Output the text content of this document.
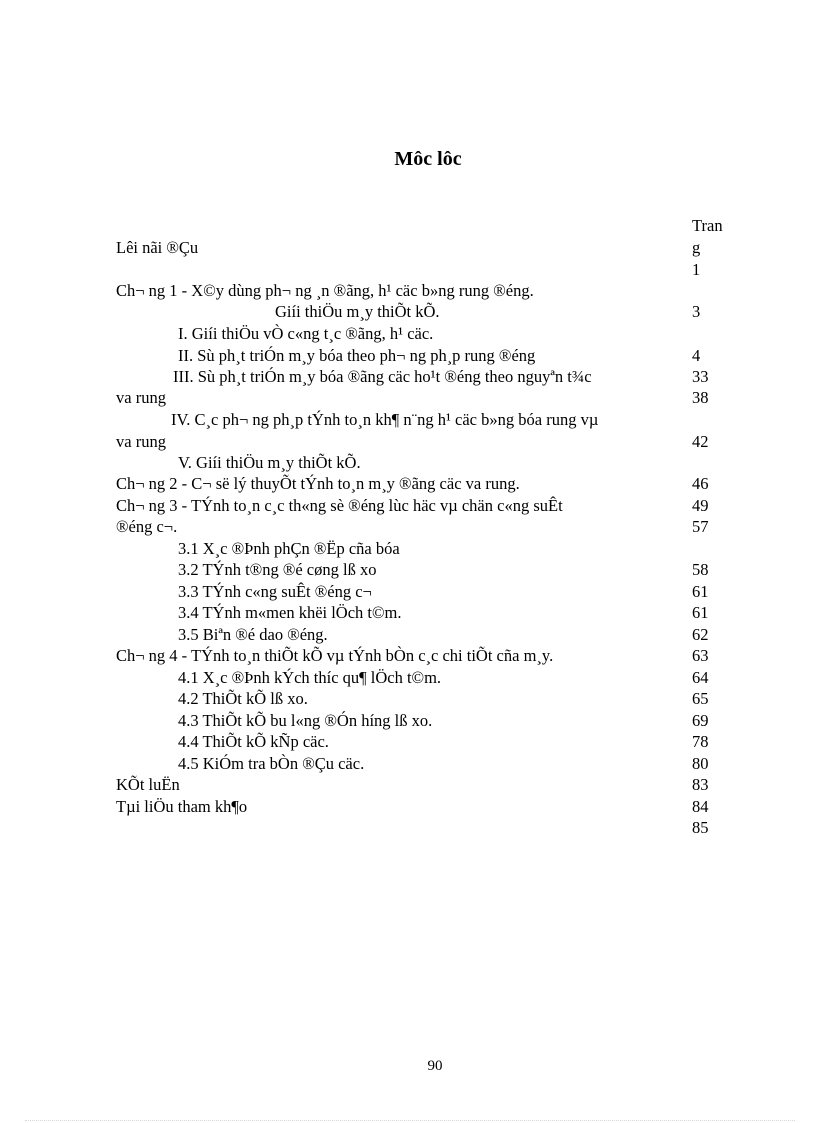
Môc lôc
Tran
g
Lêi nãi ®Çu
Ch¬ ng 1 - X©y dùng ph¬ ng ¸n ®ãng, h¹ cäc b»ng rung ®éng.
Giíi thiÖu m¸y thiÕt kÕ.
I. Giíi thiÖu vÒ c«ng t¸c ®ãng, h¹ cäc.
II. Sù ph¸t triÓn m¸y bóa theo ph¬ ng ph¸p rung ®éng
III. Sù ph¸t triÓn m¸y bóa ®ãng cäc ho¹t ®éng theo nguyªn t¾c
va rung
IV. C¸c ph¬ ng ph¸p tÝnh to¸n kh¶ n¨ng h¹ cäc b»ng bóa rung vµ
va rung
V. Giíi thiÖu m¸y thiÕt kÕ.
Ch¬ ng 2 - C¬ së lý thuyÕt tÝnh to¸n m¸y ®ãng cäc va rung.
Ch¬ ng 3 - TÝnh to¸n c¸c th«ng sè ®éng lùc häc vµ chän c«ng suÊt
®éng c¬.
3.1 X¸c ®Þnh phÇn ®Ëp cña bóa
3.2 TÝnh t®ng ®é cøng lß xo
3.3 TÝnh c«ng suÊt ®éng c¬
3.4 TÝnh m«men khëi lÖch t©m.
3.5 Biªn ®é dao ®éng.
Ch¬ ng 4 - TÝnh to¸n thiÕt kÕ vµ tÝnh bÒn c¸c chi tiÕt cña m¸y.
4.1 X¸c ®Þnh kÝch thíc qu¶ lÖch t©m.
4.2 ThiÕt kÕ lß xo.
4.3 ThiÕt kÕ bu l«ng ®Ón híng lß xo.
4.4 ThiÕt kÕ kÑp cäc.
4.5 KiÓm tra bÒn ®Çu cäc.
KÕt luËn
Tµi liÖu tham kh¶o
1
3
4
33
38
42
46
49
57
58
61
61
62
63
64
65
69
78
80
83
84
85
90
